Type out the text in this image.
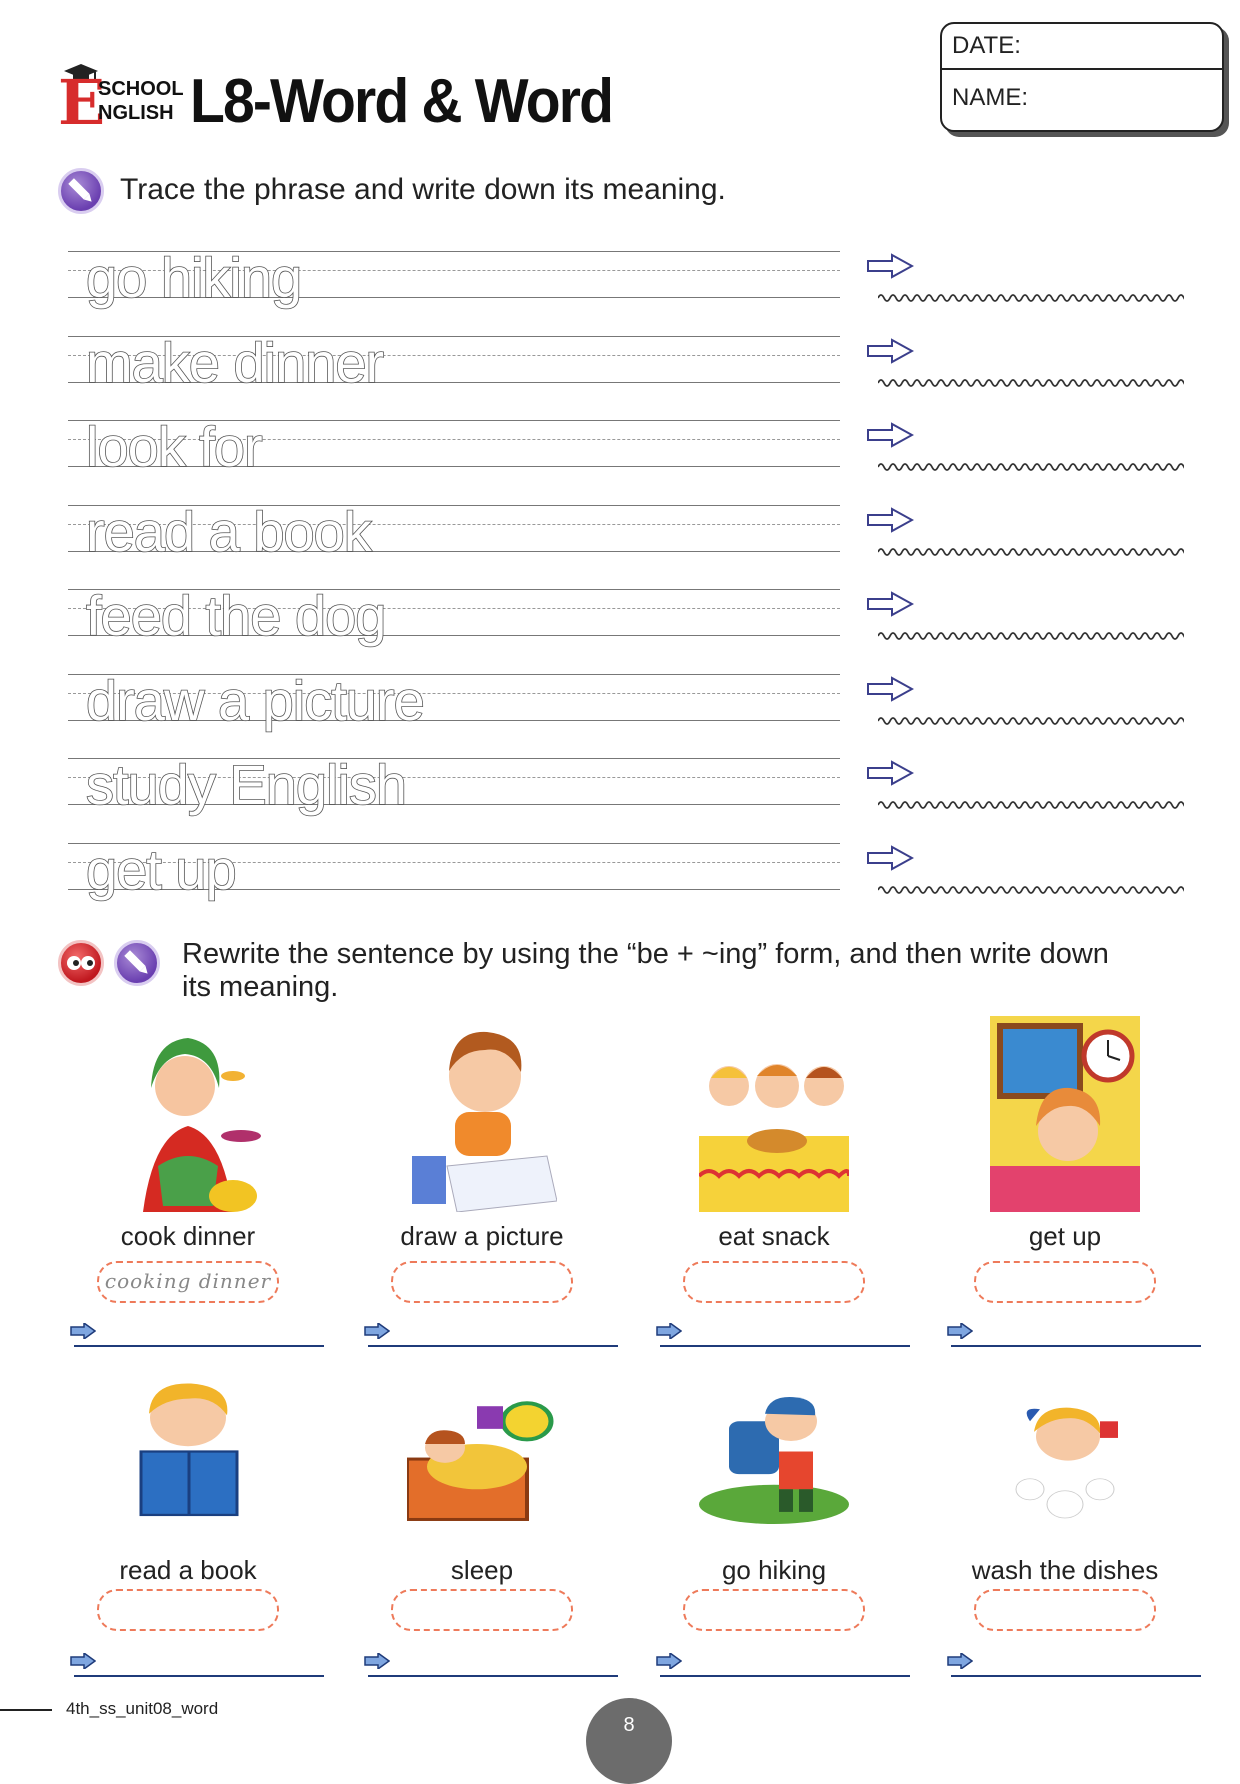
E
SCHOOL
NGLISH L8-Word & Word
DATE:
NAME:
Trace the phrase and write down its meaning.
go hiking
make dinner
look for
read a book
feed the dog
draw a picture
study English
get up
Rewrite the sentence by using the “be + ~ing” form, and then write down
its meaning.
cook dinner
cooking dinner
draw a picture	eat snack	get up
read a book	sleep	go hiking	wash the dishes
4th_ss_unit08_word
8
